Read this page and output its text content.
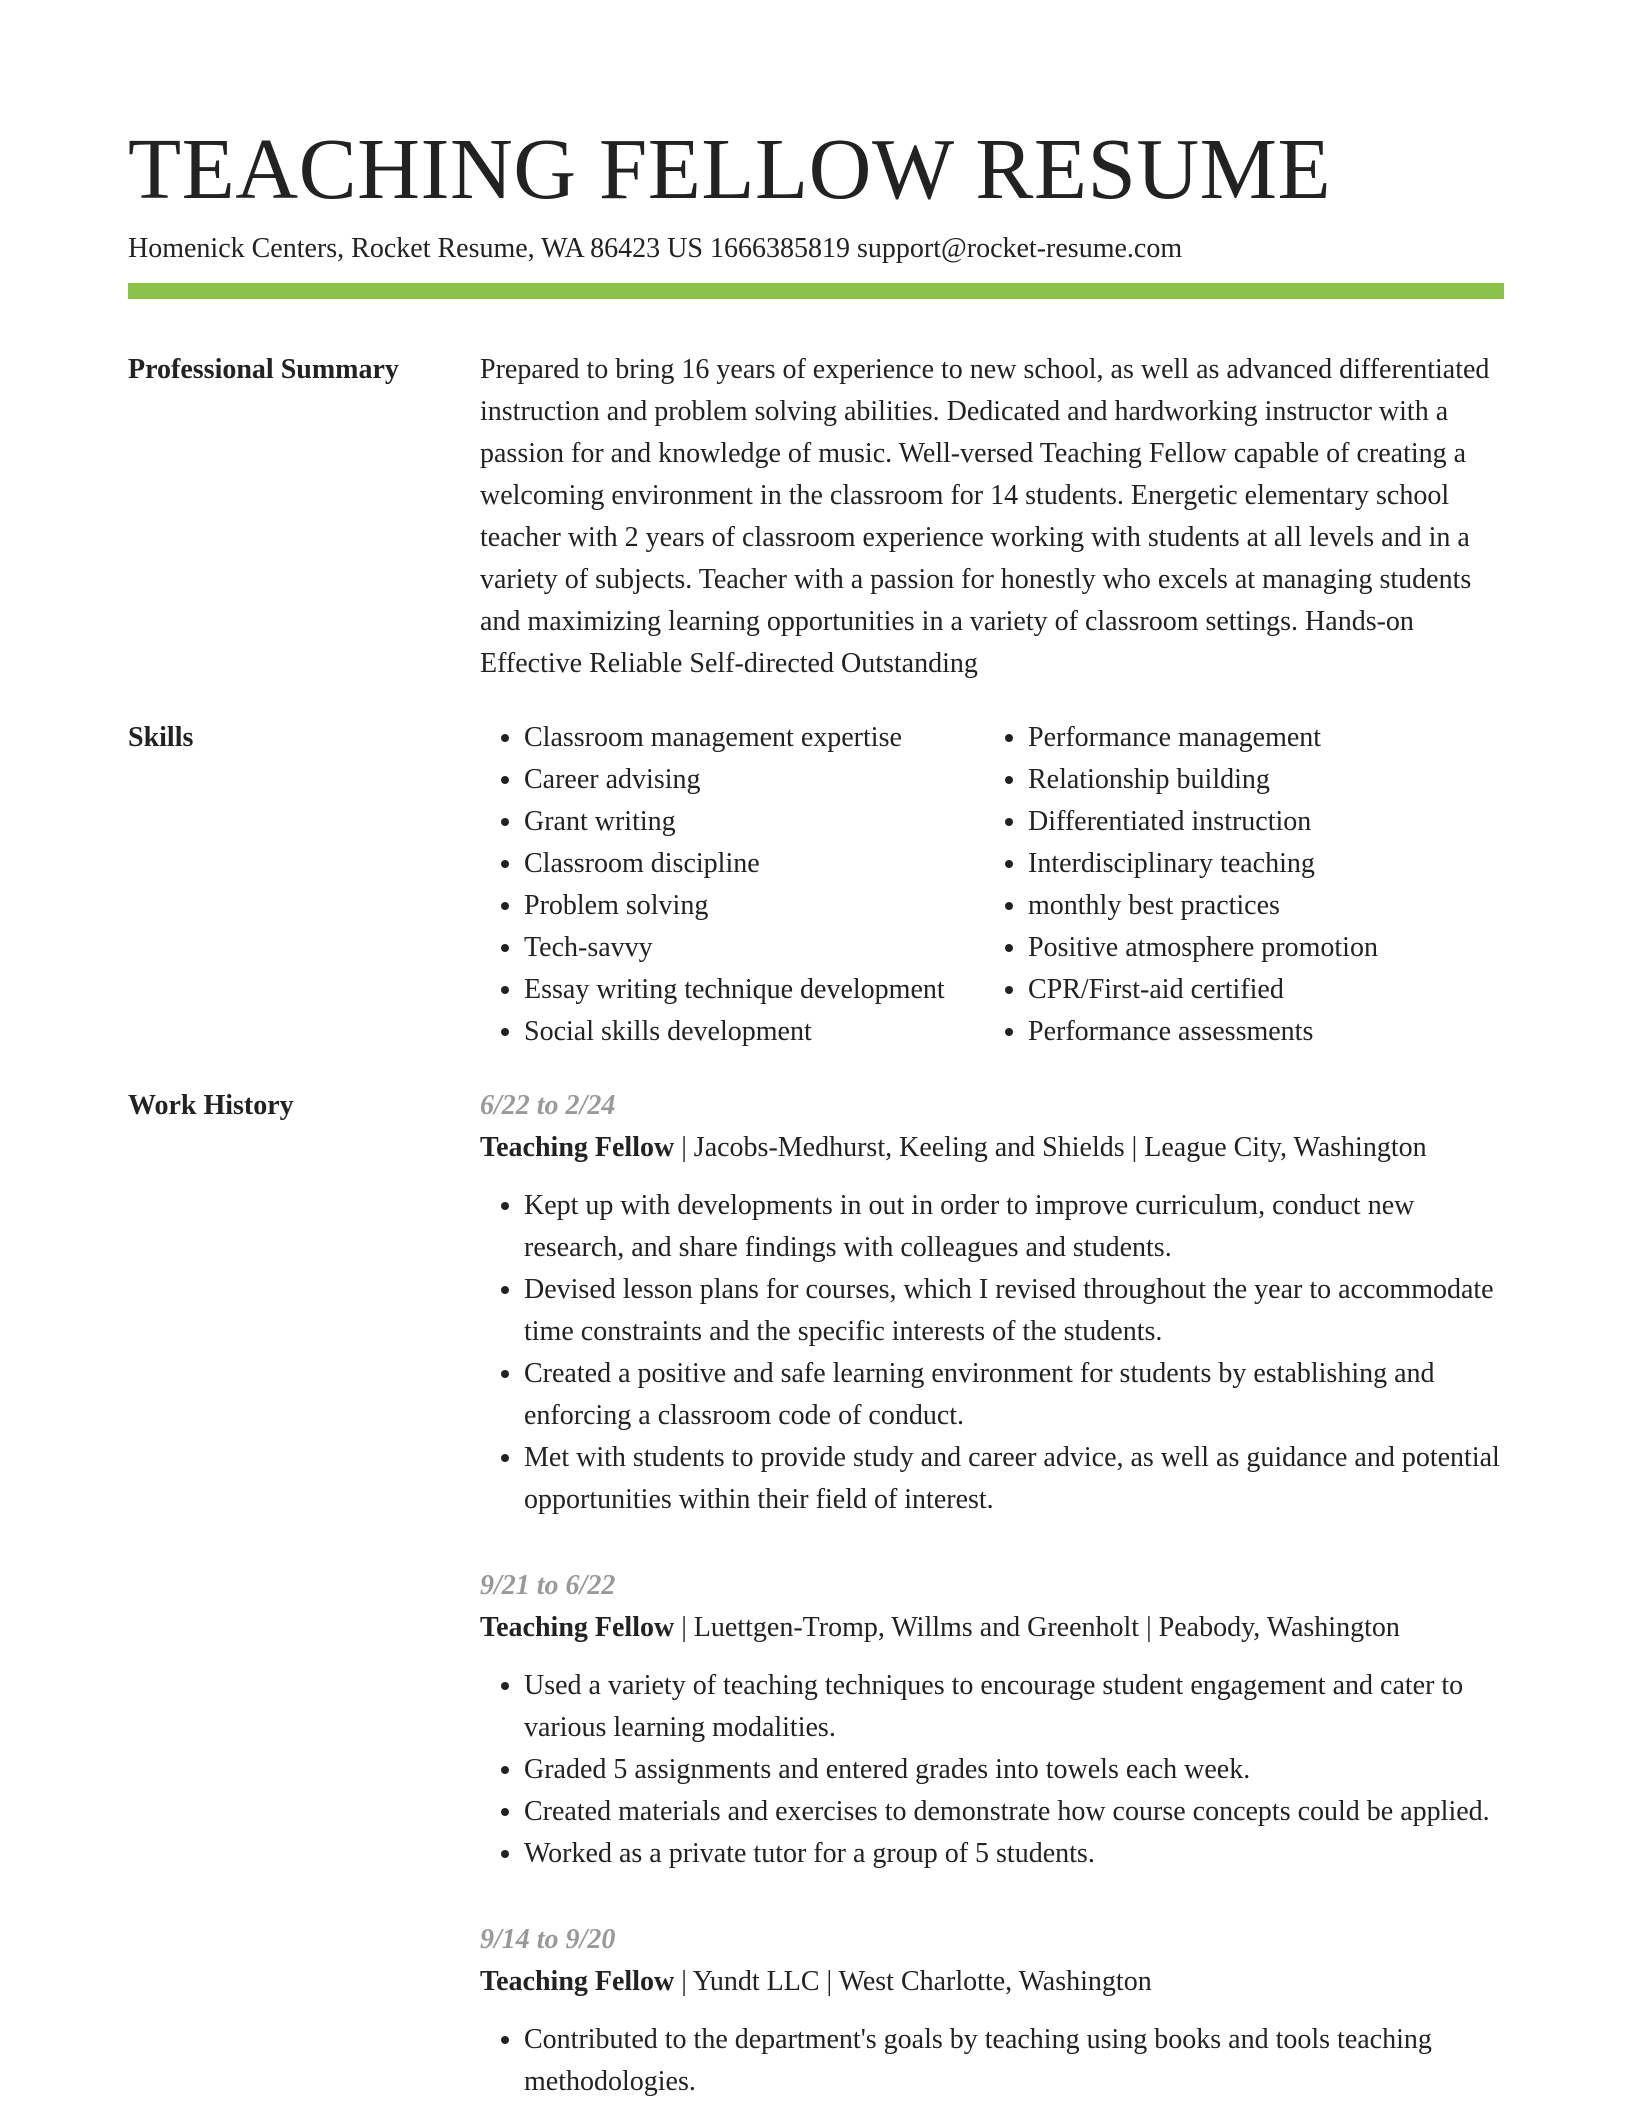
TEACHING FELLOW RESUME
Homenick Centers, Rocket Resume, WA 86423 US 1666385819 support@rocket-resume.com
Professional Summary	Prepared to bring 16 years of experience to new school, as well as advanced differentiated instruction and problem solving abilities. Dedicated and hardworking instructor with a passion for and knowledge of music. Well-versed Teaching Fellow capable of creating a welcoming environment in the classroom for 14 students. Energetic elementary school teacher with 2 years of classroom experience working with students at all levels and in a variety of subjects. Teacher with a passion for honestly who excels at managing students and maximizing learning opportunities in a variety of classroom settings. Hands-on Effective Reliable Self-directed Outstanding

Skills
•	Classroom management expertise
• Career advising
• Grant writing
• Classroom discipline
• Problem solving
• Tech-savvy
• Essay writing technique development
• Social skills development
• Performance management
• Relationship building
• Differentiated instruction
• Interdisciplinary teaching
• monthly best practices
• Positive atmosphere promotion
• CPR/First-aid certified
• Performance assessments
Work History	6/22 to 2/24
Teaching Fellow | Jacobs-Medhurst, Keeling and Shields | League City, Washington
• Kept up with developments in out in order to improve curriculum, conduct new research, and share findings with colleagues and students.
• Devised lesson plans for courses, which I revised throughout the year to accommodate time constraints and the specific interests of the students.
• Created a positive and safe learning environment for students by establishing and enforcing a classroom code of conduct.
• Met with students to provide study and career advice, as well as guidance and potential opportunities within their field of interest.
9/21 to 6/22
Teaching Fellow | Luettgen-Tromp, Willms and Greenholt | Peabody, Washington
• Used a variety of teaching techniques to encourage student engagement and cater to various learning modalities.
• Graded 5 assignments and entered grades into towels each week.
• Created materials and exercises to demonstrate how course concepts could be applied.
• Worked as a private tutor for a group of 5 students.
9/14 to 9/20
Teaching Fellow | Yundt LLC | West Charlotte, Washington
• Contributed to the department's goals by teaching using books and tools teaching methodologies.
